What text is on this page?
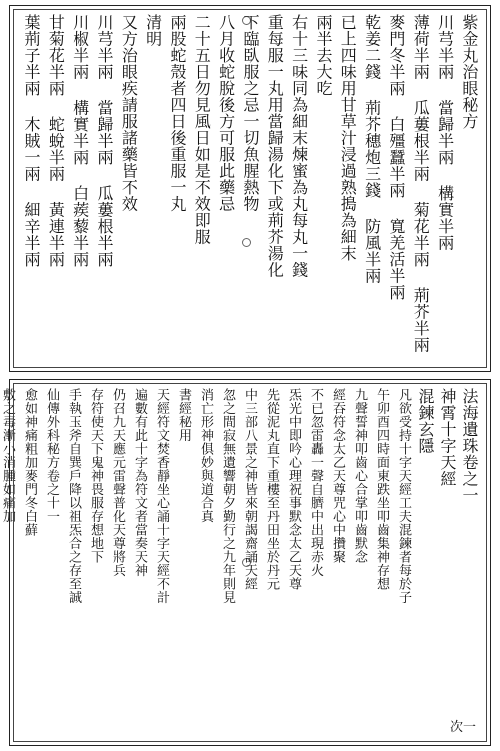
紫金丸治眼秘方
川芎半兩 當歸半兩 構實半兩
薄荷半兩 瓜蔞根半兩 菊花半兩 荊芥半兩
麥門冬半兩 白殭蠶半兩 寬羌活半兩
乾姜二錢 荊芥穗炮三錢 防風半兩
已上四味用甘草汁浸過熟搗為細末
兩半去大吃
右十三味同為細末煉蜜為丸每丸一錢
重每服一丸用當歸湯化下或荊芥湯化
下臨臥服之忌一切魚腥熱物
八月收蛇脫後方可服此藥忌
二十五日勿見風日如是不效即服
兩股蛇殼者四日後重服一丸
清明
又方治眼疾請服諸藥皆不效
川芎半兩 當歸半兩 瓜蔞根半兩
川椒半兩 構實半兩 白蒺藜半兩
甘菊花半兩 蛇蛻半兩 黃連半兩
葉荊子半兩 木賊一兩 細辛半兩
法海遺珠卷之一
神霄十字天經
混鍊玄隱
凡欲受持十字天經工夫混鍊者每於子
午卯酉四時面東跌坐叩齒集神存想
九聲誓神叩齒心合掌叩齒默念
經吞符念太乙天尊咒心中攢聚
不已忽雷轟一聲自臍中出現赤火
炁光中即吟心理祝事默念太乙天尊
先從泥丸直下重樓至丹田坐於丹元
中三部八景之神皆來朝謁齋誦天經
忽之間寂無遺響朝夕勤行之九年則見
消亡形神俱妙與道合真
書經秘用
天經符文焚香靜坐心誦十字天經不計
遍數有此十字為符文者當奏天神
仍召九天應元雷聲普化天尊將兵
存符使天下鬼神畏服存想地下
手執玉斧自巽戶降以祖炁合之存至誠
仙傳外科秘方卷之十一
愈如神痛粗加麥門冬白蘚
敷之毒漸小消腫如痛加
次一
